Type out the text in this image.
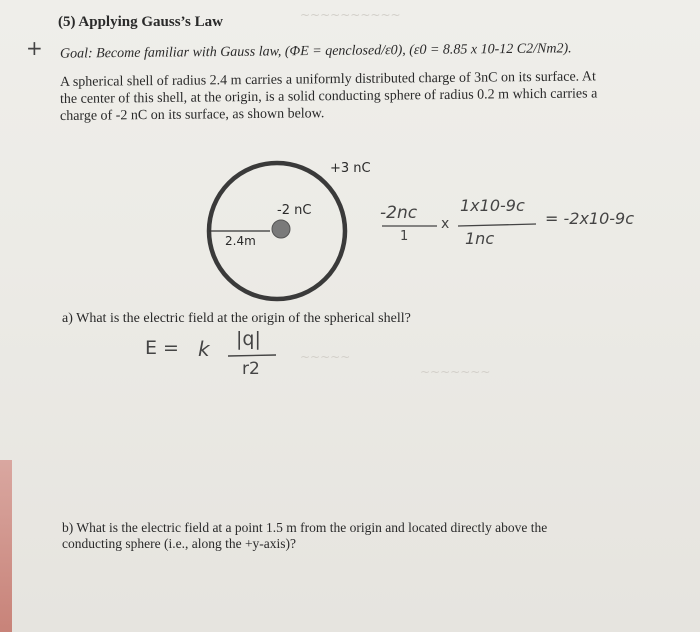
~~~~~~~~~~
~~~~~
~~~~~~~
+
(5) Applying Gauss’s Law
Goal: Become familiar with Gauss law, (ΦE = qenclosed/ε0), (ε0 = 8.85 x 10-12 C2/Nm2).
A spherical shell of radius 2.4 m carries a uniformly distributed charge of 3nC on its surface. At
the center of this shell, at the origin, is a solid conducting sphere of radius 0.2 m which carries a
charge of -2 nC on its surface, as shown below.
+3 nC
-2 nC
2.4m
-2nc
1
x
1x10-9c
1nc
= -2x10-9c
a) What is the electric field at the origin of the spherical shell?
E = k |q|
r2
b) What is the electric field at a point 1.5 m from the origin and located directly above the
conducting sphere (i.e., along the +y-axis)?
